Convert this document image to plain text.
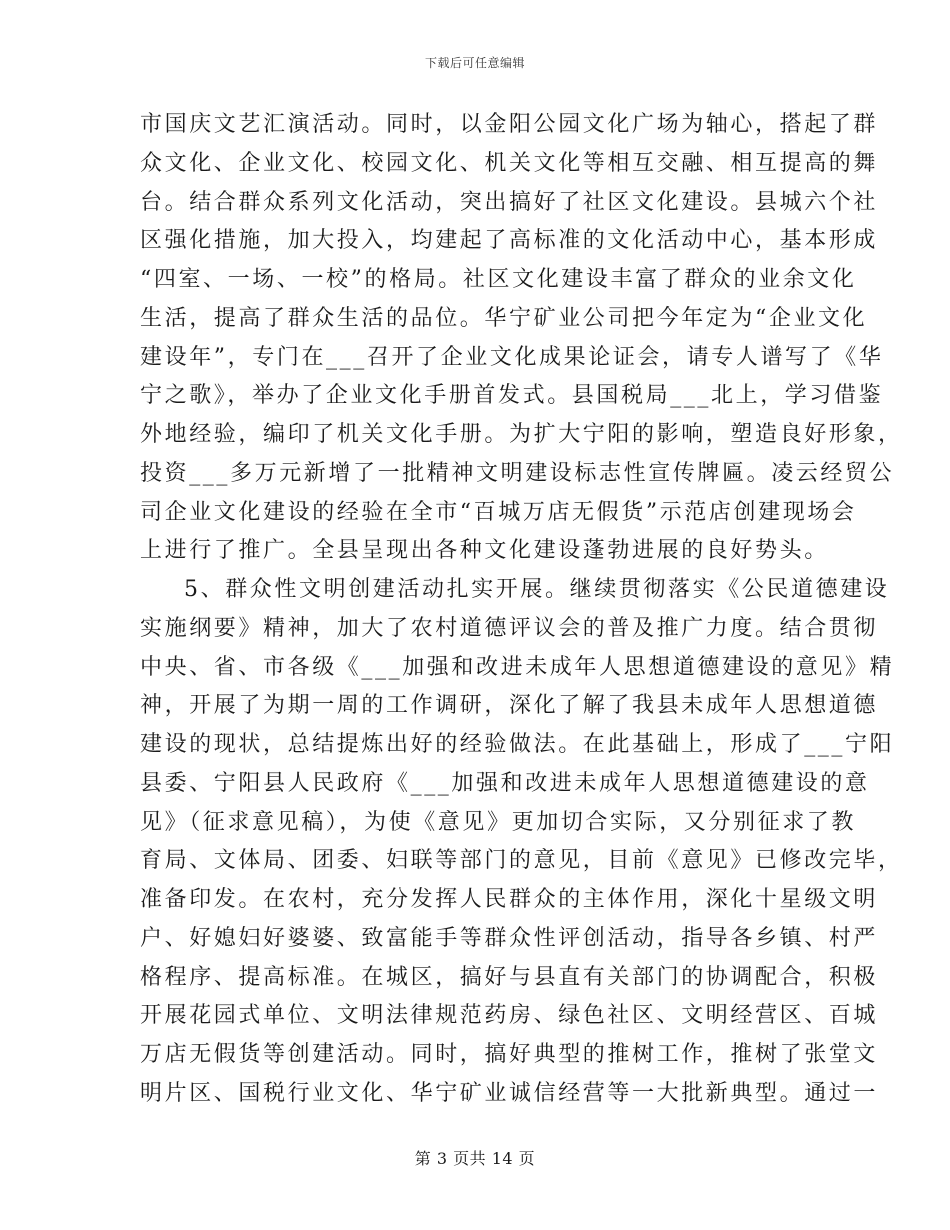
下载后可任意编辑
市国庆文艺汇演活动。同时，以金阳公园文化广场为轴心，搭起了群
众文化、企业文化、校园文化、机关文化等相互交融、相互提高的舞
台。结合群众系列文化活动，突出搞好了社区文化建设。县城六个社
区强化措施，加大投入，均建起了高标准的文化活动中心，基本形成
“四室、一场、一校”的格局。社区文化建设丰富了群众的业余文化
生活，提高了群众生活的品位。华宁矿业公司把今年定为“企业文化
建设年”，专门在___召开了企业文化成果论证会，请专人谱写了《华
宁之歌》，举办了企业文化手册首发式。县国税局___北上，学习借鉴
外地经验，编印了机关文化手册。为扩大宁阳的影响，塑造良好形象，
投资___多万元新增了一批精神文明建设标志性宣传牌匾。凌云经贸公
司企业文化建设的经验在全市“百城万店无假货”示范店创建现场会
上进行了推广。全县呈现出各种文化建设蓬勃进展的良好势头。
5、群众性文明创建活动扎实开展。继续贯彻落实《公民道德建设
实施纲要》精神，加大了农村道德评议会的普及推广力度。结合贯彻
中央、省、市各级《___加强和改进未成年人思想道德建设的意见》精
神，开展了为期一周的工作调研，深化了解了我县未成年人思想道德
建设的现状，总结提炼出好的经验做法。在此基础上，形成了___宁阳
县委、宁阳县人民政府《___加强和改进未成年人思想道德建设的意
见》（征求意见稿），为使《意见》更加切合实际，又分别征求了教
育局、文体局、团委、妇联等部门的意见，目前《意见》已修改完毕，
准备印发。在农村，充分发挥人民群众的主体作用，深化十星级文明
户、好媳妇好婆婆、致富能手等群众性评创活动，指导各乡镇、村严
格程序、提高标准。在城区，搞好与县直有关部门的协调配合，积极
开展花园式单位、文明法律规范药房、绿色社区、文明经营区、百城
万店无假货等创建活动。同时，搞好典型的推树工作，推树了张堂文
明片区、国税行业文化、华宁矿业诚信经营等一大批新典型。通过一
第 3 页共 14 页
